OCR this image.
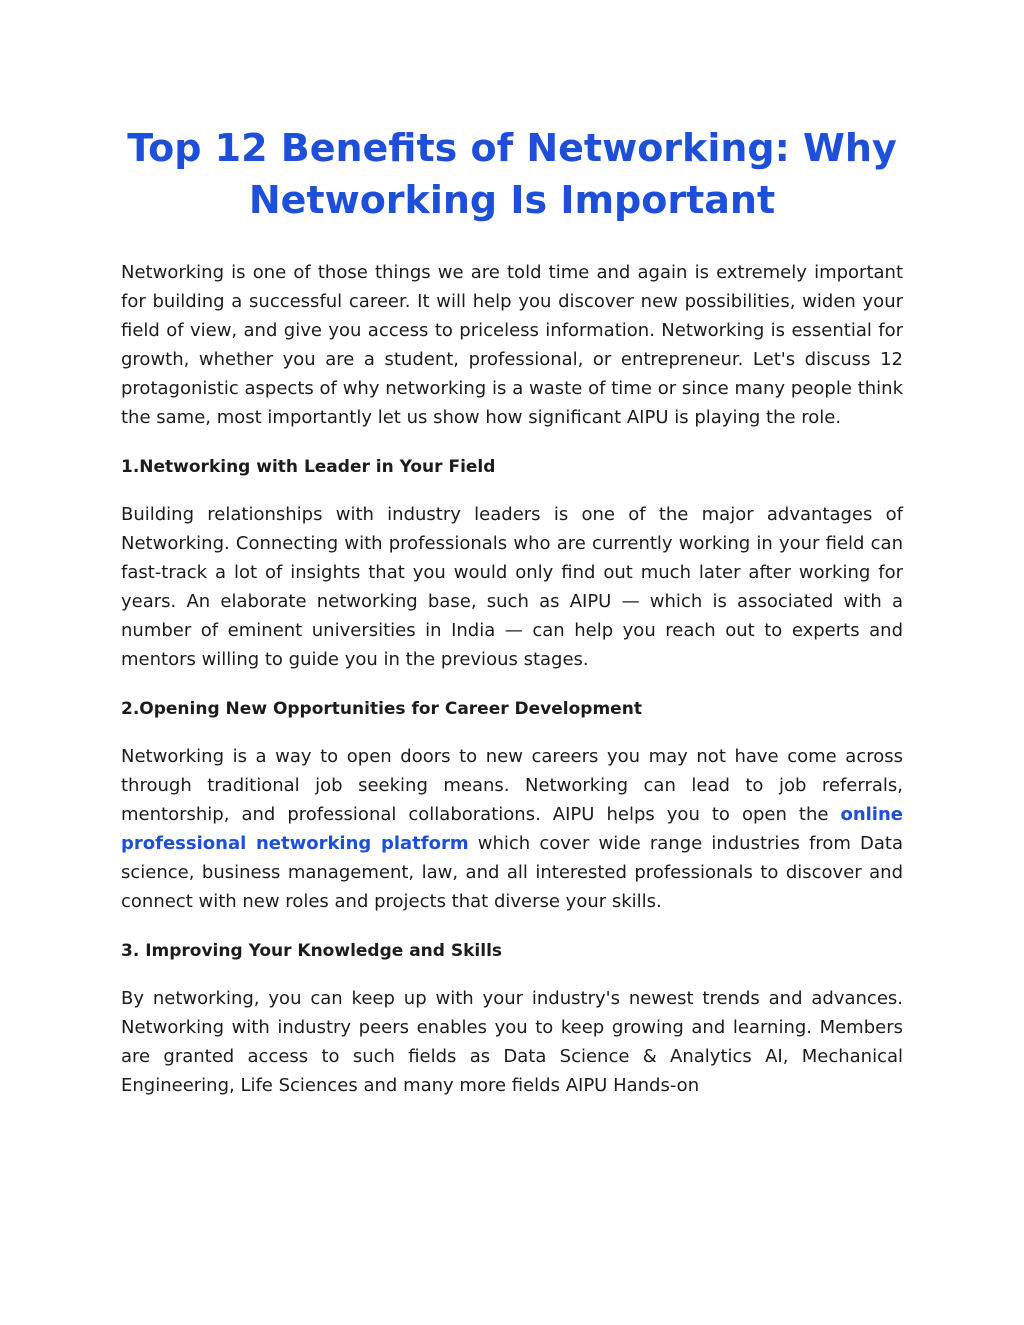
Top 12 Benefits of Networking: Why Networking Is Important

Networking is one of those things we are told time and again is extremely important for building a successful career. It will help you discover new possibilities, widen your field of view, and give you access to priceless information. Networking is essential for growth, whether you are a student, professional, or entrepreneur. Let's discuss 12 protagonistic aspects of why networking is a waste of time or since many people think the same, most importantly let us show how significant AIPU is playing the role.

1.Networking with Leader in Your Field

Building relationships with industry leaders is one of the major advantages of Networking. Connecting with professionals who are currently working in your field can fast-track a lot of insights that you would only find out much later after working for years. An elaborate networking base, such as AIPU — which is associated with a number of eminent universities in India — can help you reach out to experts and mentors willing to guide you in the previous stages.

2.Opening New Opportunities for Career Development

Networking is a way to open doors to new careers you may not have come across through traditional job seeking means. Networking can lead to job referrals, mentorship, and professional collaborations. AIPU helps you to open the online professional networking platform which cover wide range industries from Data science, business management, law, and all interested professionals to discover and connect with new roles and projects that diverse your skills.

3. Improving Your Knowledge and Skills

By networking, you can keep up with your industry's newest trends and advances. Networking with industry peers enables you to keep growing and learning. Members are granted access to such fields as Data Science & Analytics AI, Mechanical Engineering, Life Sciences and many more fields AIPU Hands-on
